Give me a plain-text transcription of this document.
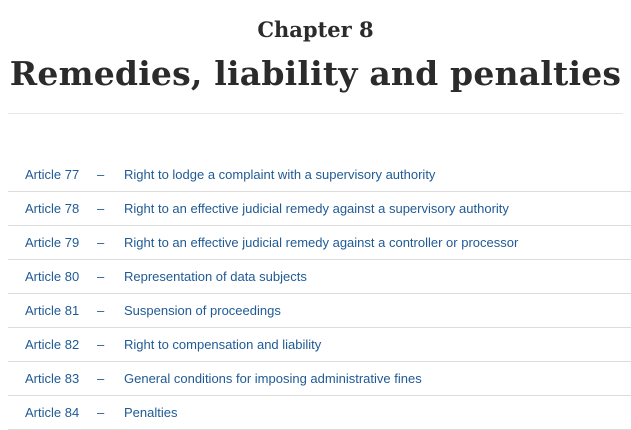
Chapter 8
Remedies, liability and penalties
Article 77	–	Right to lodge a complaint with a supervisory authority
Article 78	–	Right to an effective judicial remedy against a supervisory authority
Article 79	–	Right to an effective judicial remedy against a controller or processor
Article 80	–	Representation of data subjects
Article 81	–	Suspension of proceedings
Article 82	–	Right to compensation and liability
Article 83	–	General conditions for imposing administrative fines
Article 84	–	Penalties
